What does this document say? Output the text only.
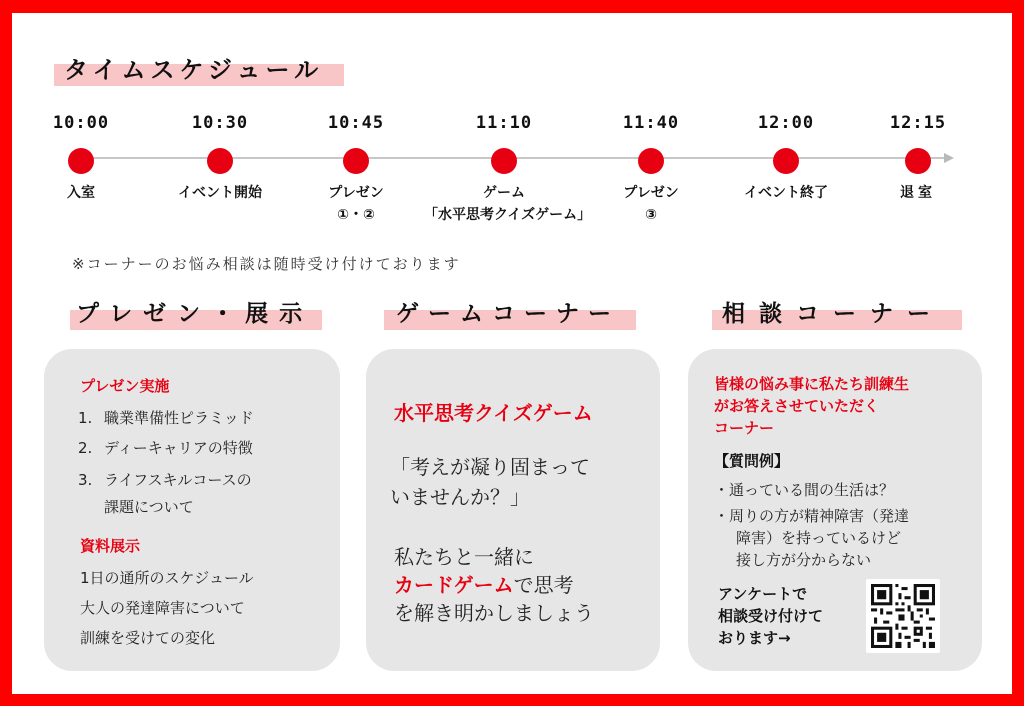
タイムスケジュール
10:00
入室
10:30
イベント開始
10:45
プレゼン
①・②
11:10
ゲーム
「水平思考クイズゲーム」
11:40
プレゼン
③
12:00
イベント終了
12:15
退室
※コーナーのお悩み相談は随時受け付けております
プレゼン・展示	ゲームコーナー	相談コーナー
プレゼン実施
1. 職業準備性ピラミッド
2. ディーキャリアの特徴
3. ライフスキルコースの
課題について
資料展示
1日の通所のスケジュール
大人の発達障害について
訓練を受けての変化
水平思考クイズゲーム
「考えが凝り固まって
いませんか？」
私たちと一緒に
カードゲームで思考
を解き明かしましょう
皆様の悩み事に私たち訓練生
がお答えさせていただく
コーナー
【質問例】
・通っている間の生活は？
・周りの方が精神障害（発達
障害）を持っているけど
接し方が分からない
アンケートで
相談受け付けて
おります→
